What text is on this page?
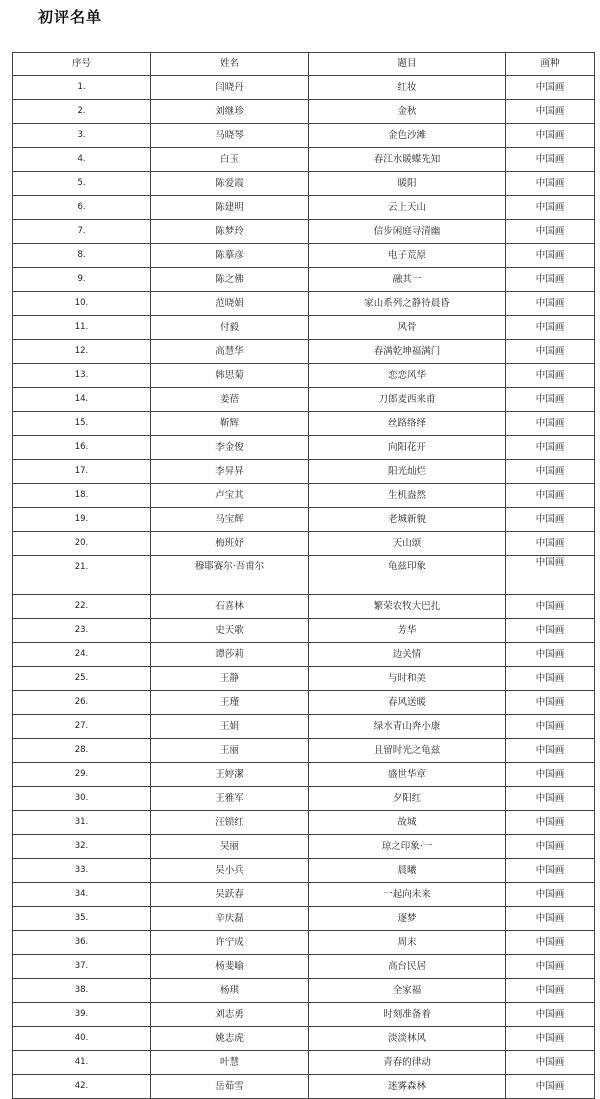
初评名单
序号	姓名	题目	画种
1.	闫晓丹	红妆	中国画
2.	刘继珍	金秋	中国画
3.	马晓琴	金色沙滩	中国画
4.	白玉	春江水暖蝶先知	中国画
5.	陈爱霞	暖阳	中国画
6.	陈建明	云上天山	中国画
7.	陈梦玲	信步闲庭寻清幽	中国画
8.	陈摹彦	电子荒原	中国画
9.	陈之佛	融其一	中国画
10.	范晓娟	家山系列之静待晨昏	中国画
11.	付毅	风骨	中国画
12.	高慧华	春满乾坤福满门	中国画
13.	韩思菊	恋恋风华	中国画
14.	姜蓓	刀郎麦西来甫	中国画
15.	靳辉	丝路络绎	中国画
16.	李金俊	向阳花开	中国画
17.	李昇昇	阳光灿烂	中国画
18.	卢宝其	生机盎然	中国画
19.	马宝辉	老城新貌	中国画
20.	梅班妤	天山颂	中国画
21.	穆耶赛尔·吾甫尔	龟兹印象	中国画
22.	石喜林	繁荣农牧大巴扎	中国画
23.	史天歌	芳华	中国画
24.	谭莎莉	边关情	中国画
25.	王静	与时和美	中国画
26.	王瑾	春风送暖	中国画
27.	王娟	绿水青山奔小康	中国画
28.	王丽	且留时光之龟兹	中国画
29.	王婷潔	盛世华章	中国画
30.	王雅军	夕阳红	中国画
31.	汪锁红	故城	中国画
32.	吴丽	琼之印象·一	中国画
33.	吴小兵	晨曦	中国画
34.	吴跃春	一起向未来	中国画
35.	辛庆磊	逐梦	中国画
36.	许宁成	周末	中国画
37.	杨斐喻	高台民居	中国画
38.	杨琪	全家福	中国画
39.	刘志勇	时刻准备着	中国画
40.	姚志虎	淡淡林风	中国画
41.	叶慧	青春的律动	中国画
42.	岳茹雪	迷雾森林	中国画
